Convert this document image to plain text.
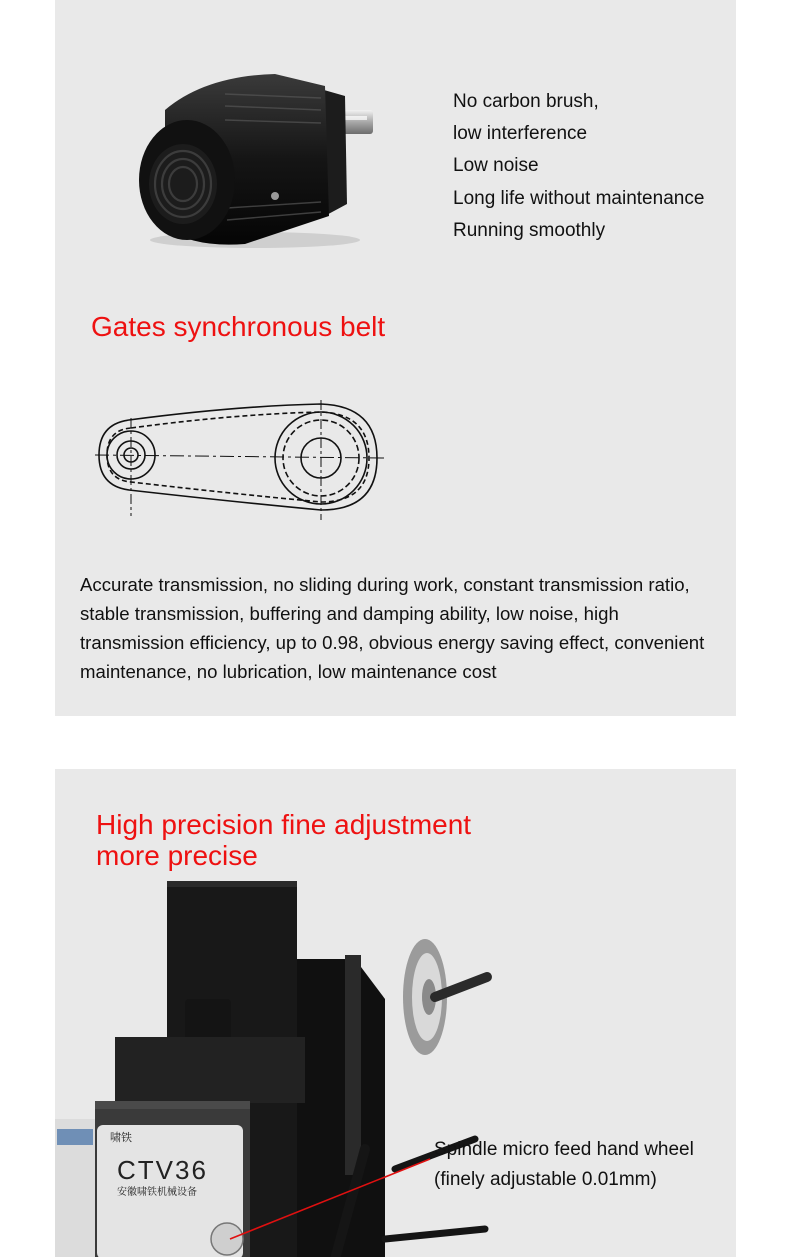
No carbon brush,
low interference
Low noise
Long life without maintenance
Running smoothly
Gates synchronous belt

Accurate transmission, no sliding during work, constant transmission ratio, stable transmission, buffering and damping ability, low noise, high transmission efficiency, up to 0.98, obvious energy saving effect, convenient maintenance, no lubrication, low maintenance cost

High precision fine adjustment
more precise
啸铁
CTV36
安徽啸铁机械设备
Spindle micro feed hand wheel
(finely adjustable 0.01mm)
